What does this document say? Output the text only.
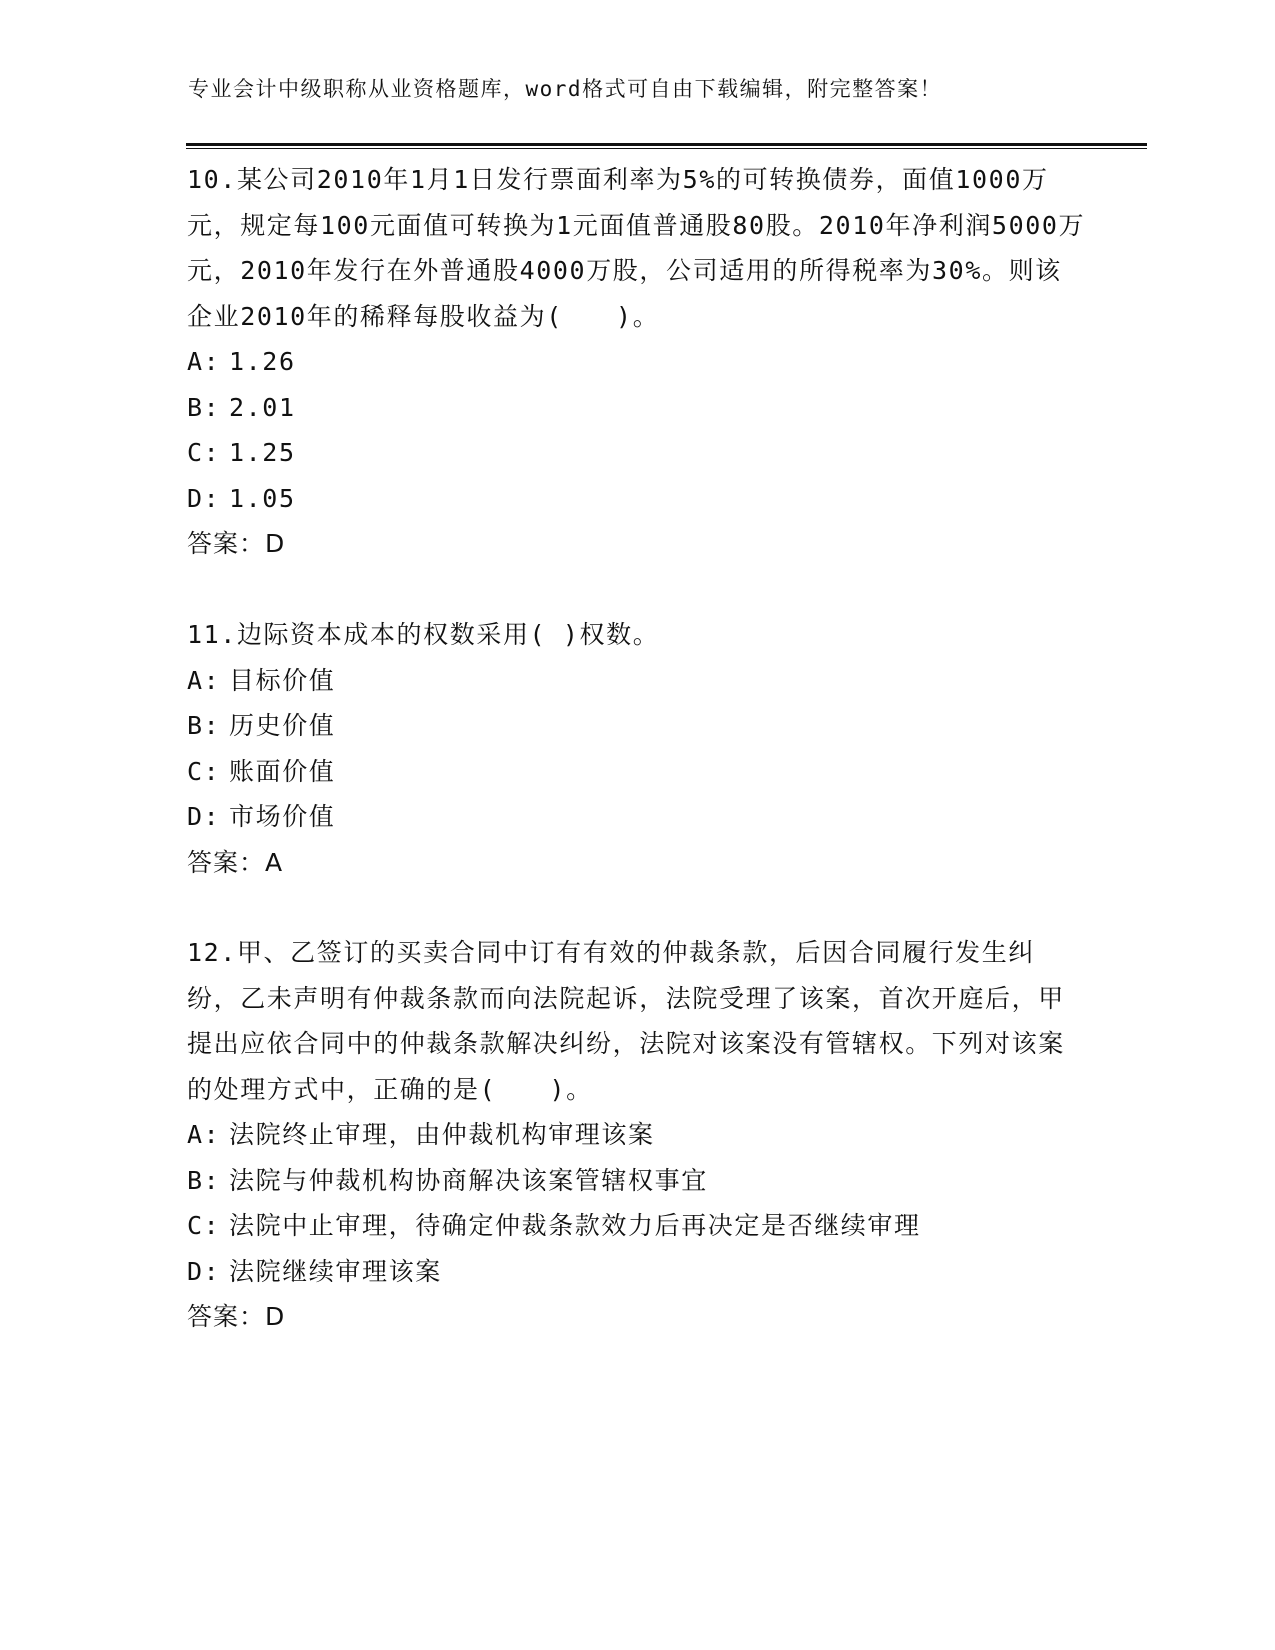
专业会计中级职称从业资格题库，word格式可自由下载编辑，附完整答案！

10.某公司2010年1月1日发行票面利率为5%的可转换债券，面值1000万元，规定每100元面值可转换为1元面值普通股80股。2010年净利润5000万元，2010年发行在外普通股4000万股，公司适用的所得税率为30%。则该企业2010年的稀释每股收益为(　　)。

A: 1.26
B: 2.01
C: 1.25
D: 1.05
答案：D

11.边际资本成本的权数采用( )权数。

A: 目标价值
B: 历史价值
C: 账面价值
D: 市场价值
答案：A

12.甲、乙签订的买卖合同中订有有效的仲裁条款，后因合同履行发生纠纷，乙未声明有仲裁条款而向法院起诉，法院受理了该案，首次开庭后，甲提出应依合同中的仲裁条款解决纠纷，法院对该案没有管辖权。下列对该案的处理方式中，正确的是(　　)。

A: 法院终止审理，由仲裁机构审理该案
B: 法院与仲裁机构协商解决该案管辖权事宜
C: 法院中止审理，待确定仲裁条款效力后再决定是否继续审理
D: 法院继续审理该案
答案：D
